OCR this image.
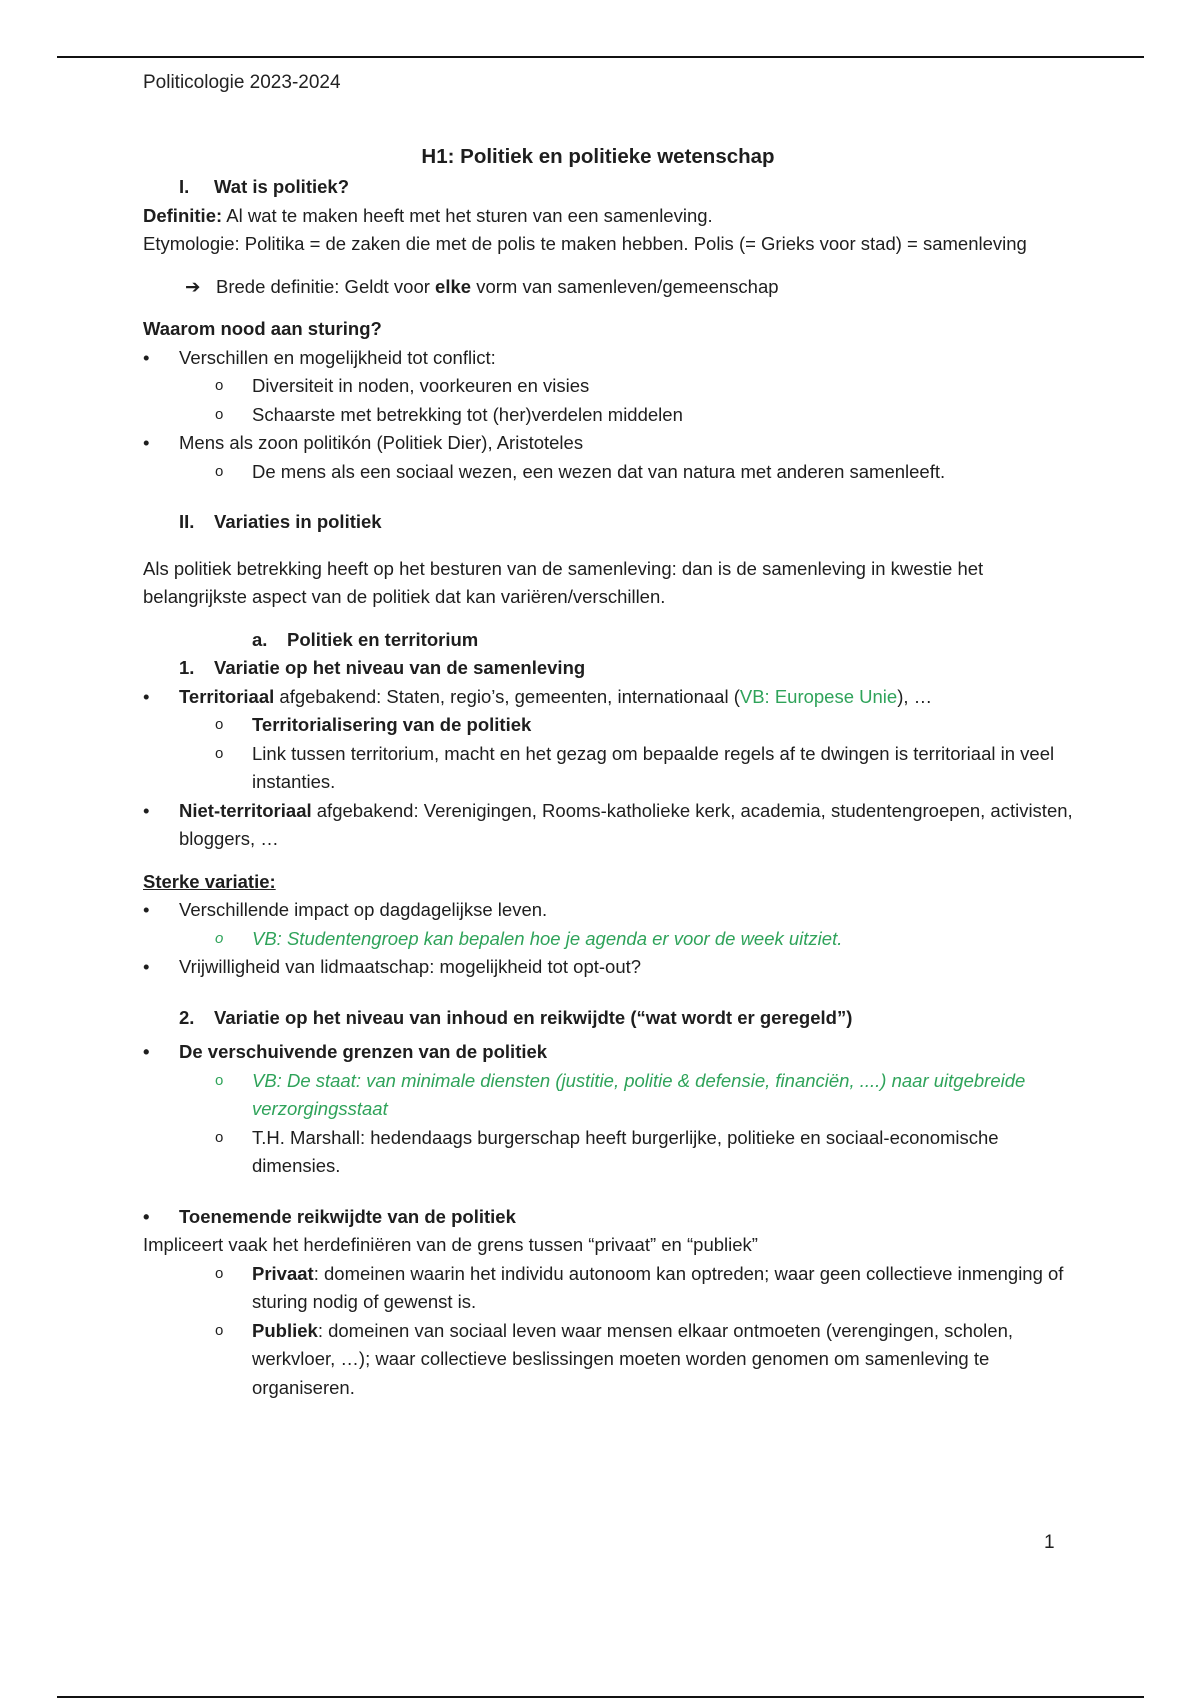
Politicologie 2023-2024
H1: Politiek en politieke wetenschap
I. Wat is politiek?
Definitie: Al wat te maken heeft met het sturen van een samenleving.
Etymologie: Politika = de zaken die met de polis te maken hebben. Polis (= Grieks voor stad) = samenleving
➔ Brede definitie: Geldt voor elke vorm van samenleven/gemeenschap
Waarom nood aan sturing?
• Verschillen en mogelijkheid tot conflict:
o Diversiteit in noden, voorkeuren en visies
o Schaarste met betrekking tot (her)verdelen middelen
• Mens als zoon politikón (Politiek Dier), Aristoteles
o De mens als een sociaal wezen, een wezen dat van natura met anderen samenleeft.
II. Variaties in politiek
Als politiek betrekking heeft op het besturen van de samenleving: dan is de samenleving in kwestie het belangrijkste aspect van de politiek dat kan variëren/verschillen.
a. Politiek en territorium
1. Variatie op het niveau van de samenleving
• Territoriaal afgebakend: Staten, regio’s, gemeenten, internationaal (VB: Europese Unie), …
o Territorialisering van de politiek
o Link tussen territorium, macht en het gezag om bepaalde regels af te dwingen is territoriaal in veel instanties.
• Niet-territoriaal afgebakend: Verenigingen, Rooms-katholieke kerk, academia, studentengroepen, activisten, bloggers, …
Sterke variatie:
• Verschillende impact op dagdagelijkse leven.
o VB: Studentengroep kan bepalen hoe je agenda er voor de week uitziet.
• Vrijwilligheid van lidmaatschap: mogelijkheid tot opt-out?
2. Variatie op het niveau van inhoud en reikwijdte (“wat wordt er geregeld”)
• De verschuivende grenzen van de politiek
o VB: De staat: van minimale diensten (justitie, politie & defensie, financiën, ....) naar uitgebreide verzorgingsstaat
o T.H. Marshall: hedendaags burgerschap heeft burgerlijke, politieke en sociaal-economische dimensies.
• Toenemende reikwijdte van de politiek
Impliceert vaak het herdefiniëren van de grens tussen “privaat” en “publiek”
o Privaat: domeinen waarin het individu autonoom kan optreden; waar geen collectieve inmenging of sturing nodig of gewenst is.
o Publiek: domeinen van sociaal leven waar mensen elkaar ontmoeten (verengingen, scholen, werkvloer, …); waar collectieve beslissingen moeten worden genomen om samenleving te organiseren.
1
